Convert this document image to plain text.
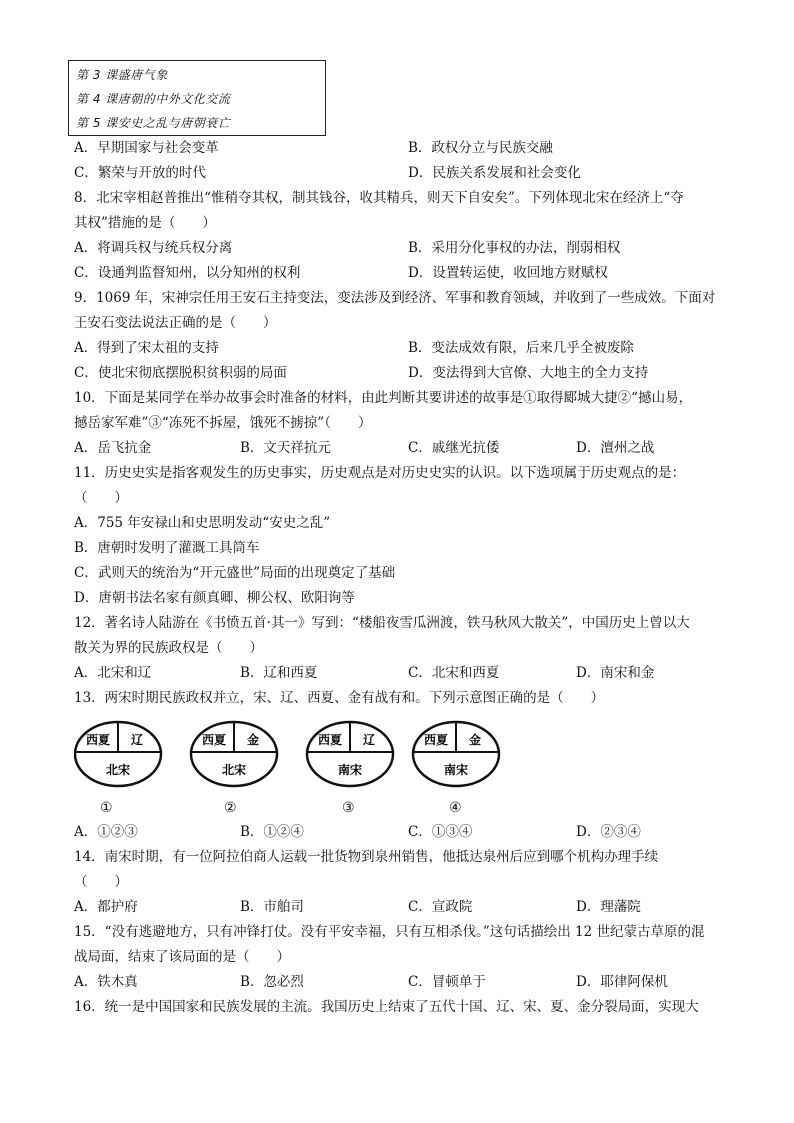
第 3 课盛唐气象
第 4 课唐朝的中外文化交流
第 5 课安史之乱与唐朝衰亡
A．早期国家与社会变革	B．政权分立与民族交融
C．繁荣与开放的时代	D．民族关系发展和社会变化
8．北宋宰相赵普推出“惟稍夺其权，制其钱谷，收其精兵，则天下自安矣”。下列体现北宋在经济上“夺
其权”措施的是（　　）
A．将调兵权与统兵权分离	B．采用分化事权的办法，削弱相权
C．设通判监督知州，以分知州的权利	D．设置转运使，收回地方财赋权
9．1069 年，宋神宗任用王安石主持变法，变法涉及到经济、军事和教育领域，并收到了一些成效。下面对
王安石变法说法正确的是（　　）
A．得到了宋太祖的支持	B．变法成效有限，后来几乎全被废除
C．使北宋彻底摆脱积贫积弱的局面	D．变法得到大官僚、大地主的全力支持
10．下面是某同学在举办故事会时准备的材料，由此判断其要讲述的故事是①取得郾城大捷②“撼山易，
撼岳家军难”③“冻死不拆屋，饿死不掳掠”（　　）
A．岳飞抗金	B．文天祥抗元	C．戚继光抗倭	D．澶州之战
11．历史史实是指客观发生的历史事实，历史观点是对历史史实的认识。以下选项属于历史观点的是：
（　　）
A．755 年安禄山和史思明发动“安史之乱”
B．唐朝时发明了灌溉工具筒车
C．武则天的统治为“开元盛世”局面的出现奠定了基础
D．唐朝书法名家有颜真卿、柳公权、欧阳询等
12．著名诗人陆游在《书愤五首·其一》写到：“楼船夜雪瓜洲渡，铁马秋风大散关”，中国历史上曾以大
散关为界的民族政权是（　　）
A．北宋和辽	B．辽和西夏	C．北宋和西夏	D．南宋和金
13．两宋时期民族政权并立，宋、辽、西夏、金有战有和。下列示意图正确的是（　　）
西夏 辽
北宋
西夏 金
北宋
西夏 辽
南宋
西夏 金
南宋
①	②	③	④
A．①②③	B．①②④	C．①③④	D．②③④
14．南宋时期，有一位阿拉伯商人运载一批货物到泉州销售，他抵达泉州后应到哪个机构办理手续
（　　）
A．都护府	B．市舶司	C．宣政院	D．理藩院
15．“没有逃避地方，只有冲锋打仗。没有平安幸福，只有互相杀伐。”这句话描绘出 12 世纪蒙古草原的混
战局面，结束了该局面的是（　　）
A．铁木真	B．忽必烈	C．冒顿单于	D．耶律阿保机
16．统一是中国国家和民族发展的主流。我国历史上结束了五代十国、辽、宋、夏、金分裂局面，实现大
